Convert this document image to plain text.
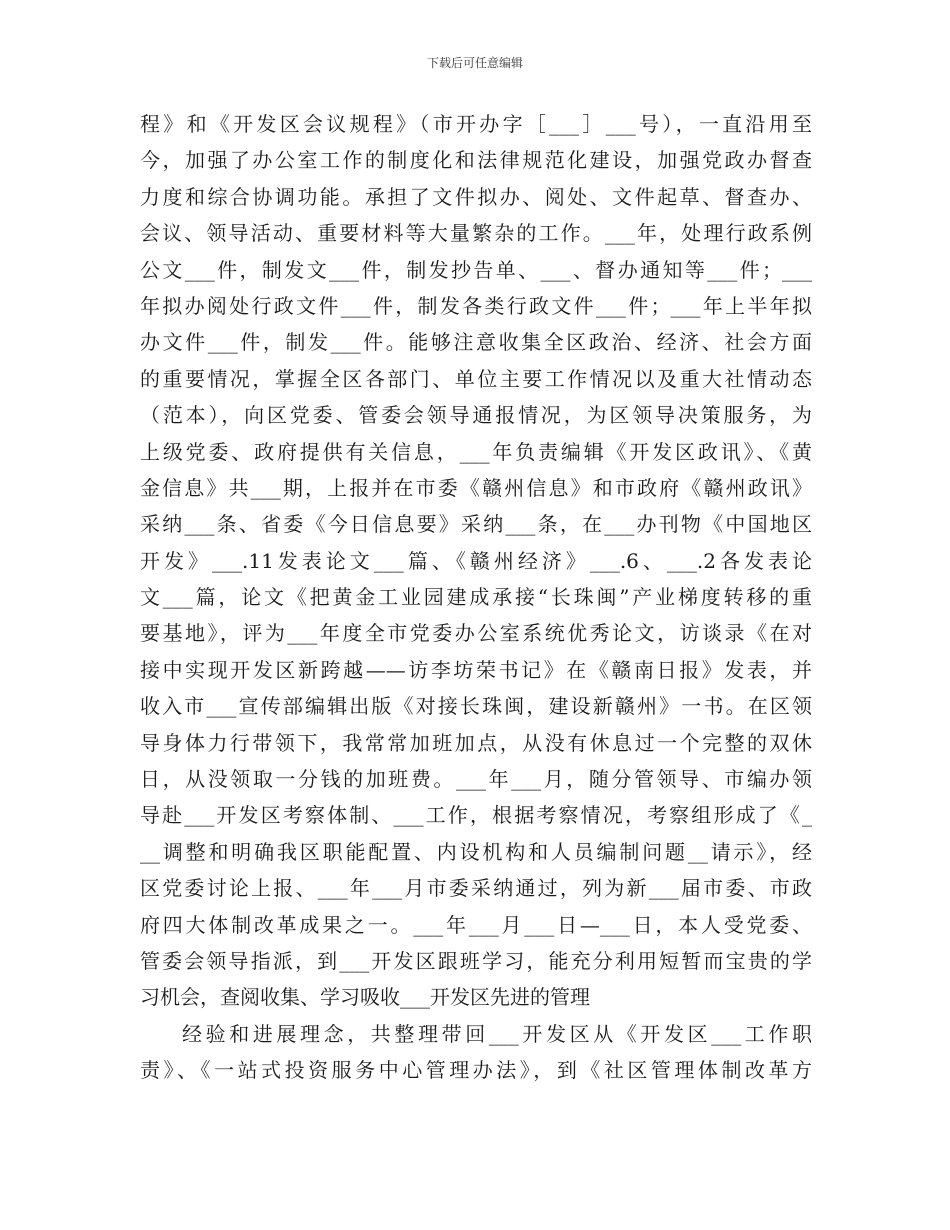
下载后可任意编辑
程》和《开发区会议规程》（市开办字［___］___号），一直沿用至
今，加强了办公室工作的制度化和法律规范化建设，加强党政办督查
力度和综合协调功能。承担了文件拟办、阅处、文件起草、督查办、
会议、领导活动、重要材料等大量繁杂的工作。___年，处理行政系例
公文___件，制发文___件，制发抄告单、___、督办通知等___件；___
年拟办阅处行政文件___件，制发各类行政文件___件；___年上半年拟
办文件___件，制发___件。能够注意收集全区政治、经济、社会方面
的重要情况，掌握全区各部门、单位主要工作情况以及重大社情动态
（范本），向区党委、管委会领导通报情况，为区领导决策服务，为
上级党委、政府提供有关信息，___年负责编辑《开发区政讯》、《黄
金信息》共___期，上报并在市委《赣州信息》和市政府《赣州政讯》
采纳___条、省委《今日信息要》采纳___条，在___办刊物《中国地区
开发》___.11发表论文___篇、《赣州经济》___.6、___.2各发表论
文___篇，论文《把黄金工业园建成承接“长珠闽”产业梯度转移的重
要基地》，评为___年度全市党委办公室系统优秀论文，访谈录《在对
接中实现开发区新跨越——访李坊荣书记》在《赣南日报》发表，并
收入市___宣传部编辑出版《对接长珠闽，建设新赣州》一书。在区领
导身体力行带领下，我常常加班加点，从没有休息过一个完整的双休
日，从没领取一分钱的加班费。___年___月，随分管领导、市编办领
导赴___开发区考察体制、___工作，根据考察情况，考察组形成了《_
__调整和明确我区职能配置、内设机构和人员编制问题__请示》，经
区党委讨论上报、___年___月市委采纳通过，列为新___届市委、市政
府四大体制改革成果之一。___年___月___日—___日，本人受党委、
管委会领导指派，到___开发区跟班学习，能充分利用短暂而宝贵的学
习机会，查阅收集、学习吸收___开发区先进的管理
经验和进展理念，共整理带回___开发区从《开发区___工作职
责》、《一站式投资服务中心管理办法》，到《社区管理体制改革方
